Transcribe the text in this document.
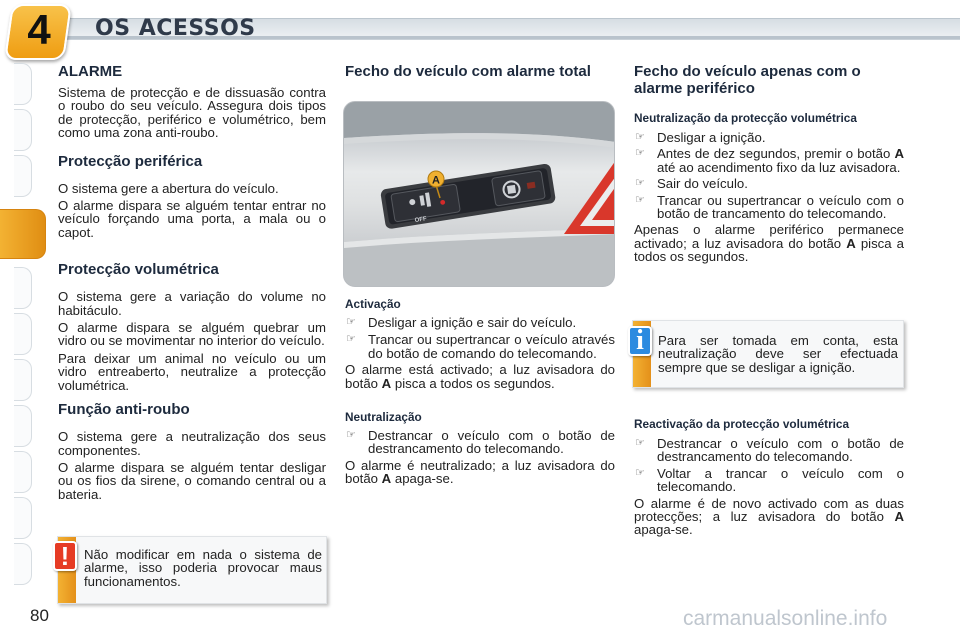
4 OS ACESSOS
ALARME
Sistema de protecção e de dissuasão contra o roubo do seu veículo. Assegura dois tipos de protecção, periférico e volumétrico, bem como uma zona anti-roubo.
Protecção periférica
O sistema gere a abertura do veículo.
O alarme dispara se alguém tentar entrar no veículo forçando uma porta, a mala ou o capot.
Protecção volumétrica
O sistema gere a variação do volume no habitáculo.
O alarme dispara se alguém quebrar um vidro ou se movimentar no interior do veículo.
Para deixar um animal no veículo ou um vidro entreaberto, neutralize a protecção volumétrica.
Função anti-roubo
O sistema gere a neutralização dos seus componentes.
O alarme dispara se alguém tentar desligar ou os fios da sirene, o comando central ou a bateria.
Não modificar em nada o sistema de alarme, isso poderia provocar maus funcionamentos.
!
Fecho do veículo com alarme total
A
OFF
Activação
☞ Desligar a ignição e sair do veículo.
☞ Trancar ou supertrancar o veículo através do botão de comando do telecomando.
O alarme está activado; a luz avisadora do botão A pisca a todos os segundos.
Neutralização
☞ Destrancar o veículo com o botão de destrancamento do telecomando.
O alarme é neutralizado; a luz avisadora do botão A apaga-se.
Fecho do veículo apenas com o alarme periférico
Neutralização da protecção volumétrica
☞ Desligar a ignição.
☞ Antes de dez segundos, premir o botão A até ao acendimento fixo da luz avisadora.
☞ Sair do veículo.
☞ Trancar ou supertrancar o veículo com o botão de trancamento do telecomando.
Apenas o alarme periférico permanece activado; a luz avisadora do botão A pisca a todos os segundos.
Para ser tomada em conta, esta neutralização deve ser efectuada sempre que se desligar a ignição.
i
Reactivação da protecção volumétrica
☞ Destrancar o veículo com o botão de destrancamento do telecomando.
☞ Voltar a trancar o veículo com o telecomando.
O alarme é de novo activado com as duas protecções; a luz avisadora do botão A apaga-se.
80	carmanualsonline.info
